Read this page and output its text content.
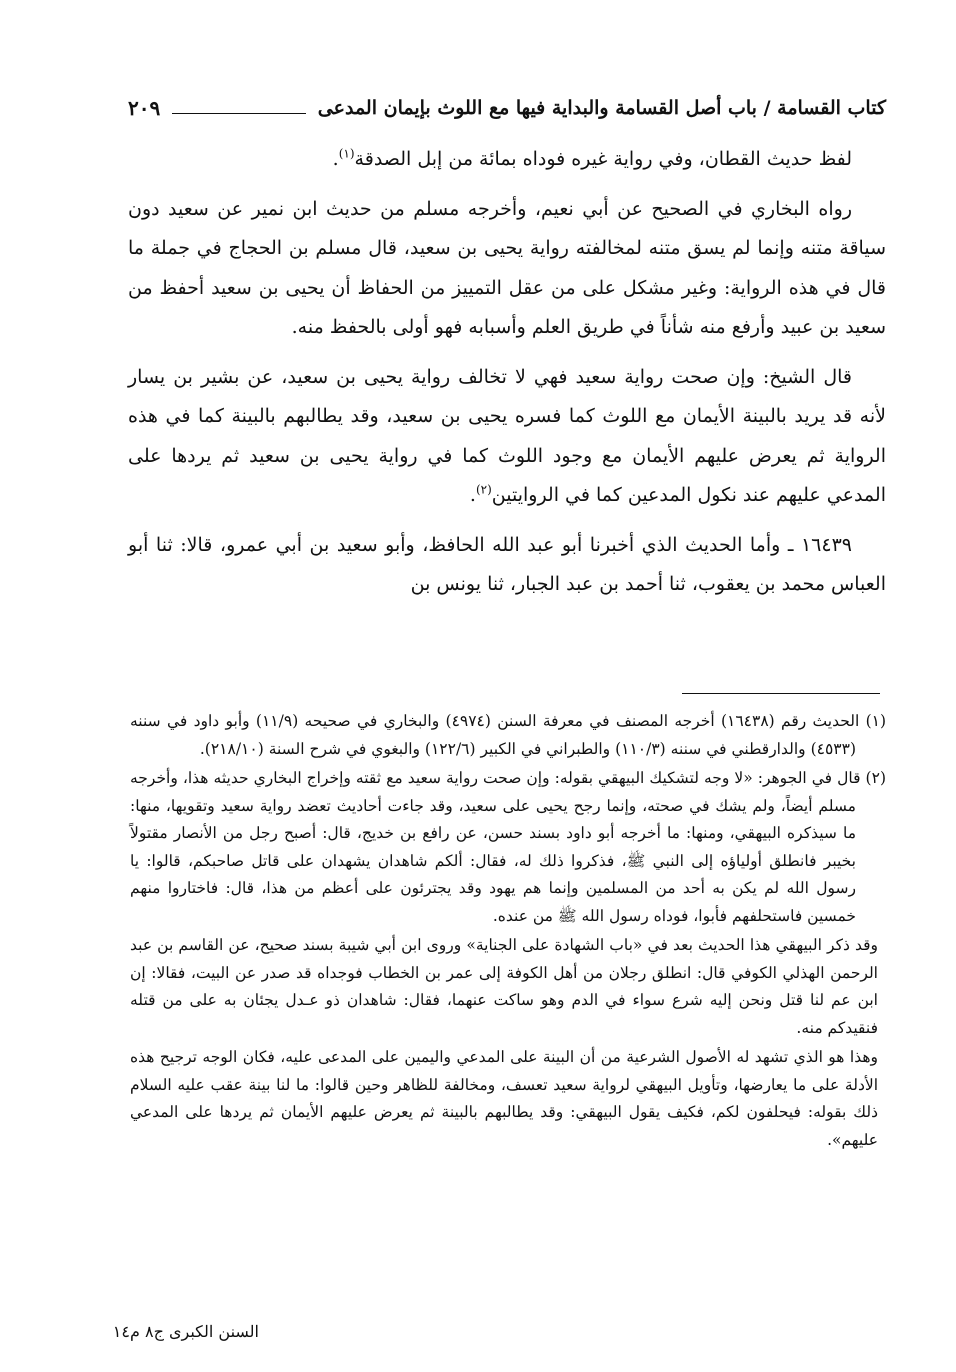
كتاب القسامة / باب أصل القسامة والبداية فيها مع اللوث بإيمان المدعى
٢٠٩

لفظ حديث القطان، وفي رواية غيره فوداه بمائة من إبل الصدقة$^{(١)}$.

رواه البخاري في الصحيح عن أبي نعيم، وأخرجه مسلم من حديث ابن نمير عن سعيد دون سياقة متنه وإنما لم يسق متنه لمخالفته رواية يحيى بن سعيد، قال مسلم بن الحجاج في جملة ما قال في هذه الرواية: وغير مشكل على من عقل التمييز من الحفاظ أن يحيى بن سعيد أحفظ من سعيد بن عبيد وأرفع منه شأناً في طريق العلم وأسبابه فهو أولى بالحفظ منه.

قال الشيخ: وإن صحت رواية سعيد فهي لا تخالف رواية يحيى بن سعيد، عن بشير بن يسار لأنه قد يريد بالبينة الأيمان مع اللوث كما فسره يحيى بن سعيد، وقد يطالبهم بالبينة كما في هذه الرواية ثم يعرض عليهم الأيمان مع وجود اللوث كما في رواية يحيى بن سعيد ثم يردها على المدعي عليهم عند نكول المدعين كما في الروايتين$^{(٢)}$.

١٦٤٣٩ ـ وأما الحديث الذي أخبرنا أبو عبد الله الحافظ، وأبو سعيد بن أبي عمرو، قالا: ثنا أبو العباس محمد بن يعقوب، ثنا أحمد بن عبد الجبار، ثنا يونس بن

(١) الحديث رقم (١٦٤٣٨) أخرجه المصنف في معرفة السنن (٤٩٧٤) والبخاري في صحيحه (١١/٩) وأبو داود في سننه (٤٥٣٣) والدارقطني في سننه (١١٠/٣) والطبراني في الكبير (١٢٢/٦) والبغوي في شرح السنة (٢١٨/١٠).

(٢) قال في الجوهر: «لا وجه لتشكيك البيهقي بقوله: وإن صحت رواية سعيد مع ثقته وإخراج البخاري حديثه هذا، وأخرجه مسلم أيضاً، ولم يشك في صحته، وإنما رجح يحيى على سعيد، وقد جاءت أحاديث تعضد رواية سعيد وتقويها، منها: ما سيذكره البيهقي، ومنها: ما أخرجه أبو داود بسند حسن، عن رافع بن خديج، قال: أصبح رجل من الأنصار مقتولاً بخيبر فانطلق أولياؤه إلى النبي ﷺ، فذكروا ذلك له، فقال: ألكم شاهدان يشهدان على قاتل صاحبكم، قالوا: يا رسول الله لم يكن به أحد من المسلمين وإنما هم يهود وقد يجترئون على أعظم من هذا، قال: فاختاروا منهم خمسين فاستحلفهم فأبوا، فوداه رسول الله ﷺ من عنده.

وقد ذكر البيهقي هذا الحديث بعد في «باب الشهادة على الجناية» وروى ابن أبي شيبة بسند صحيح، عن القاسم بن عبد الرحمن الهذلي الكوفي قال: انطلق رجلان من أهل الكوفة إلى عمر بن الخطاب فوجداه قد صدر عن البيت، فقالا: إن ابن عم لنا قتل ونحن إليه شرع سواء في الدم وهو ساكت عنهما، فقال: شاهدان ذو عـدل يجئان به على من قتله فنقيدكم منه.

وهذا هو الذي تشهد له الأصول الشرعية من أن البينة على المدعي واليمين على المدعى عليه، فكان الوجه ترجيح هذه الأدلة على ما يعارضها، وتأويل البيهقي لرواية سعيد تعسف، ومخالفة للظاهر وحين قالوا: ما لنا بينة عقب عليه السلام ذلك بقوله: فيحلفون لكم، فكيف يقول البيهقي: وقد يطالبهم بالبينة ثم يعرض عليهم الأيمان ثم يردها على المدعي عليهم».

السنن الكبرى ج٨ م١٤
